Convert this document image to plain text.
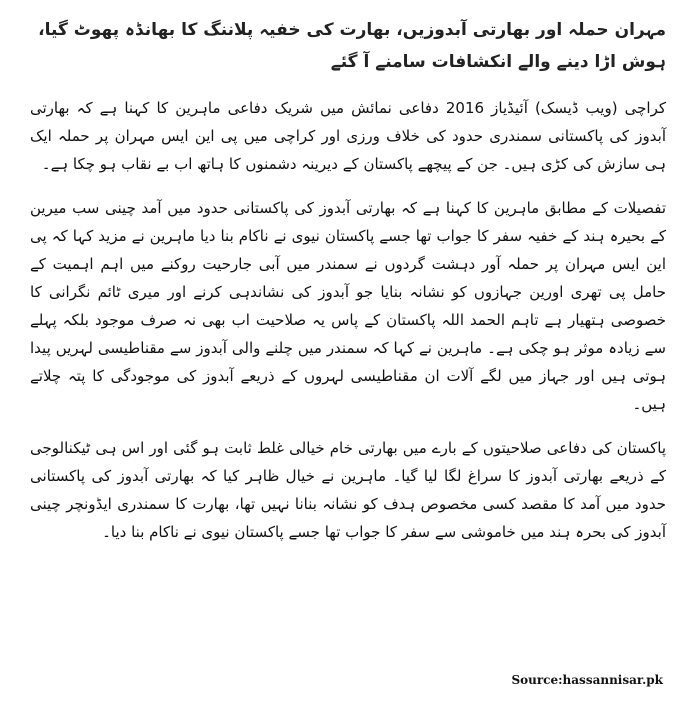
مہران حملہ اور بھارتی آبدوزیں، بھارت کی خفیہ پلاننگ کا بھانڈہ پھوٹ گیا، ہوش اڑا دینے والے انکشافات سامنے آ گئے

کراچی (ویب ڈیسک) آئیڈیاز 2016 دفاعی نمائش میں شریک دفاعی ماہرین کا کہنا ہے کہ بھارتی آبدوز کی پاکستانی سمندری حدود کی خلاف ورزی اور کراچی میں پی این ایس مہران پر حملہ ایک ہی سازش کی کڑی ہیں۔ جن کے پیچھے پاکستان کے دیرینہ دشمنوں کا ہاتھ اب بے نقاب ہو چکا ہے۔

تفصیلات کے مطابق ماہرین کا کہنا ہے کہ بھارتی آبدوز کی پاکستانی حدود میں آمد چینی سب میرین کے بحیرہ ہند کے خفیہ سفر کا جواب تھا جسے پاکستان نیوی نے ناکام بنا دیا ماہرین نے مزید کہا کہ پی این ایس مہران پر حملہ آور دہشت گردوں نے سمندر میں آبی جارحیت روکنے میں اہم اہمیت کے حامل پی تھری اورین جہازوں کو نشانہ بنایا جو آبدوز کی نشاندہی کرنے اور میری ٹائم نگرانی کا خصوصی ہتھیار ہے تاہم الحمد اللہ پاکستان کے پاس یہ صلاحیت اب بھی نہ صرف موجود بلکہ پہلے سے زیادہ موثر ہو چکی ہے۔ ماہرین نے کہا کہ سمندر میں چلنے والی آبدوز سے مقناطیسی لہریں پیدا ہوتی ہیں اور جہاز میں لگے آلات ان مقناطیسی لہروں کے ذریعے آبدوز کی موجودگی کا پتہ چلاتے ہیں۔

پاکستان کی دفاعی صلاحیتوں کے بارے میں بھارتی خام خیالی غلط ثابت ہو گئی اور اس ہی ٹیکنالوجی کے ذریعے بھارتی آبدوز کا سراغ لگا لیا گیا۔ ماہرین نے خیال ظاہر کیا کہ بھارتی آبدوز کی پاکستانی حدود میں آمد کا مقصد کسی مخصوص ہدف کو نشانہ بنانا نہیں تھا، بھارت کا سمندری ایڈونچر چینی آبدوز کی بحرہ ہند میں خاموشی سے سفر کا جواب تھا جسے پاکستان نیوی نے ناکام بنا دیا۔

Source:hassannisar.pk
